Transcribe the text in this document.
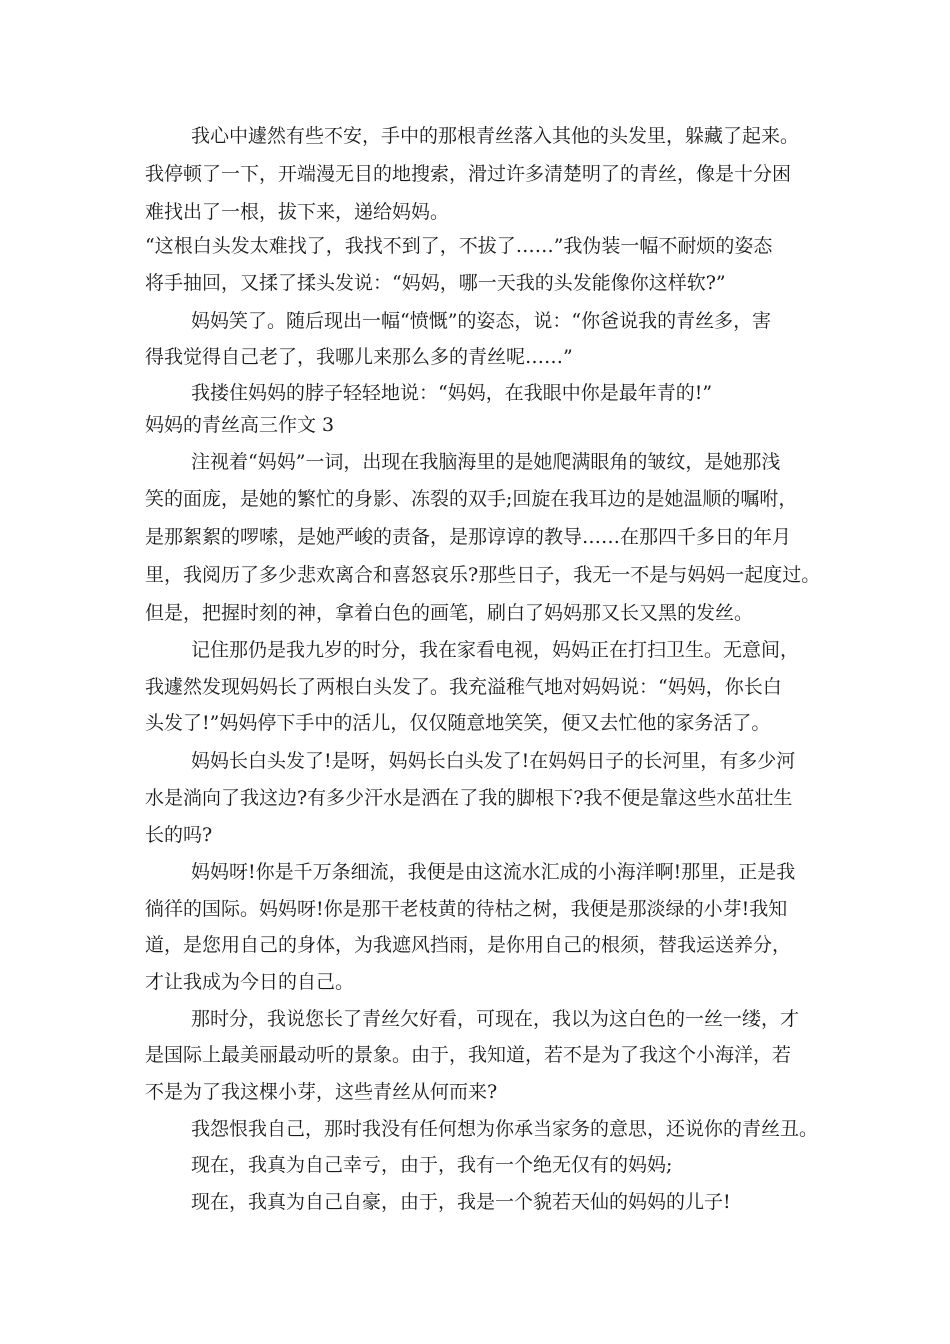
我心中遽然有些不安，手中的那根青丝落入其他的头发里，躲藏了起来。
我停顿了一下，开端漫无目的地搜索，滑过许多清楚明了的青丝，像是十分困
难找出了一根，拔下来，递给妈妈。
“这根白头发太难找了，我找不到了，不拔了……”我伪装一幅不耐烦的姿态
将手抽回，又揉了揉头发说：“妈妈，哪一天我的头发能像你这样软?”
妈妈笑了。随后现出一幅“愤慨”的姿态，说：“你爸说我的青丝多，害
得我觉得自己老了，我哪儿来那么多的青丝呢……”
我搂住妈妈的脖子轻轻地说：“妈妈，在我眼中你是最年青的!”
妈妈的青丝高三作文 3
注视着“妈妈”一词，出现在我脑海里的是她爬满眼角的皱纹，是她那浅
笑的面庞，是她的繁忙的身影、冻裂的双手;回旋在我耳边的是她温顺的嘱咐，
是那絮絮的啰嗦，是她严峻的责备，是那谆谆的教导……在那四千多日的年月
里，我阅历了多少悲欢离合和喜怒哀乐?那些日子，我无一不是与妈妈一起度过。
但是，把握时刻的神，拿着白色的画笔，刷白了妈妈那又长又黑的发丝。
记住那仍是我九岁的时分，我在家看电视，妈妈正在打扫卫生。无意间，
我遽然发现妈妈长了两根白头发了。我充溢稚气地对妈妈说：“妈妈，你长白
头发了!”妈妈停下手中的活儿，仅仅随意地笑笑，便又去忙他的家务活了。
妈妈长白头发了!是呀，妈妈长白头发了!在妈妈日子的长河里，有多少河
水是淌向了我这边?有多少汗水是洒在了我的脚根下?我不便是靠这些水茁壮生
长的吗?
妈妈呀!你是千万条细流，我便是由这流水汇成的小海洋啊!那里，正是我
徜徉的国际。妈妈呀!你是那干老枝黄的待枯之树，我便是那淡绿的小芽!我知
道，是您用自己的身体，为我遮风挡雨，是你用自己的根须，替我运送养分，
才让我成为今日的自己。
那时分，我说您长了青丝欠好看，可现在，我以为这白色的一丝一缕，才
是国际上最美丽最动听的景象。由于，我知道，若不是为了我这个小海洋，若
不是为了我这棵小芽，这些青丝从何而来?
我怨恨我自己，那时我没有任何想为你承当家务的意思，还说你的青丝丑。
现在，我真为自己幸亏，由于，我有一个绝无仅有的妈妈;
现在，我真为自己自豪，由于，我是一个貌若天仙的妈妈的儿子!
